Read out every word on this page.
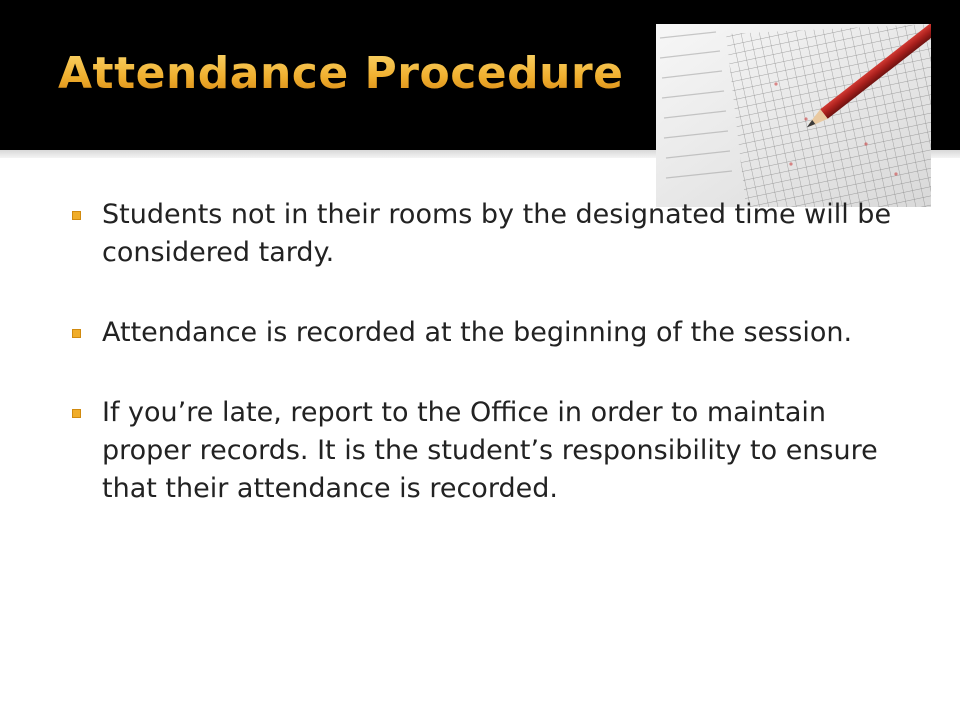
Attendance Procedure
Students not in their rooms by the designated time will be considered tardy.
Attendance is recorded at the beginning of the session.
If you’re late, report to the Office in order to maintain proper records. It is the student’s responsibility to ensure that their attendance is recorded.
